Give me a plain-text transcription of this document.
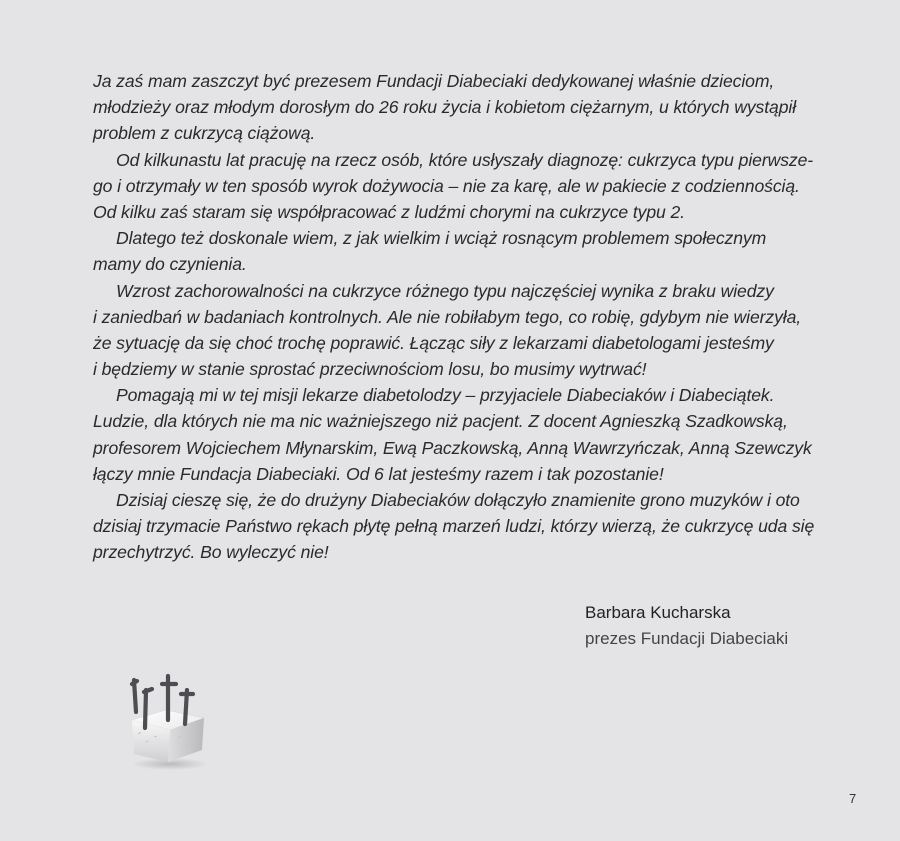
Ja zaś mam zaszczyt być prezesem Fundacji Diabeciaki dedykowanej właśnie dzieciom,
młodzieży oraz młodym dorosłym do 26 roku życia i kobietom ciężarnym, u których wystąpił
problem z cukrzycą ciążową.
Od kilkunastu lat pracuję na rzecz osób, które usłyszały diagnozę: cukrzyca typu pierwsze-
go i otrzymały w ten sposób wyrok dożywocia – nie za karę, ale w pakiecie z codziennością.
Od kilku zaś staram się współpracować z ludźmi chorymi na cukrzyce typu 2.
Dlatego też doskonale wiem, z jak wielkim i wciąż rosnącym problemem społecznym
mamy do czynienia.
Wzrost zachorowalności na cukrzyce różnego typu najczęściej wynika z braku wiedzy
i zaniedbań w badaniach kontrolnych. Ale nie robiłabym tego, co robię, gdybym nie wierzyła,
że sytuację da się choć trochę poprawić. Łącząc siły z lekarzami diabetologami jesteśmy
i będziemy w stanie sprostać przeciwnościom losu, bo musimy wytrwać!
Pomagają mi w tej misji lekarze diabetolodzy – przyjaciele Diabeciaków i Diabeciątek.
Ludzie, dla których nie ma nic ważniejszego niż pacjent. Z docent Agnieszką Szadkowską,
profesorem Wojciechem Młynarskim, Ewą Paczkowską, Anną Wawrzyńczak, Anną Szewczyk
łączy mnie Fundacja Diabeciaki. Od 6 lat jesteśmy razem i tak pozostanie!
Dzisiaj cieszę się, że do drużyny Diabeciaków dołączyło znamienite grono muzyków i oto
dzisiaj trzymacie Państwo rękach płytę pełną marzeń ludzi, którzy wierzą, że cukrzycę uda się
przechytrzyć. Bo wyleczyć nie!
Barbara Kucharska
prezes Fundacji Diabeciaki
7
